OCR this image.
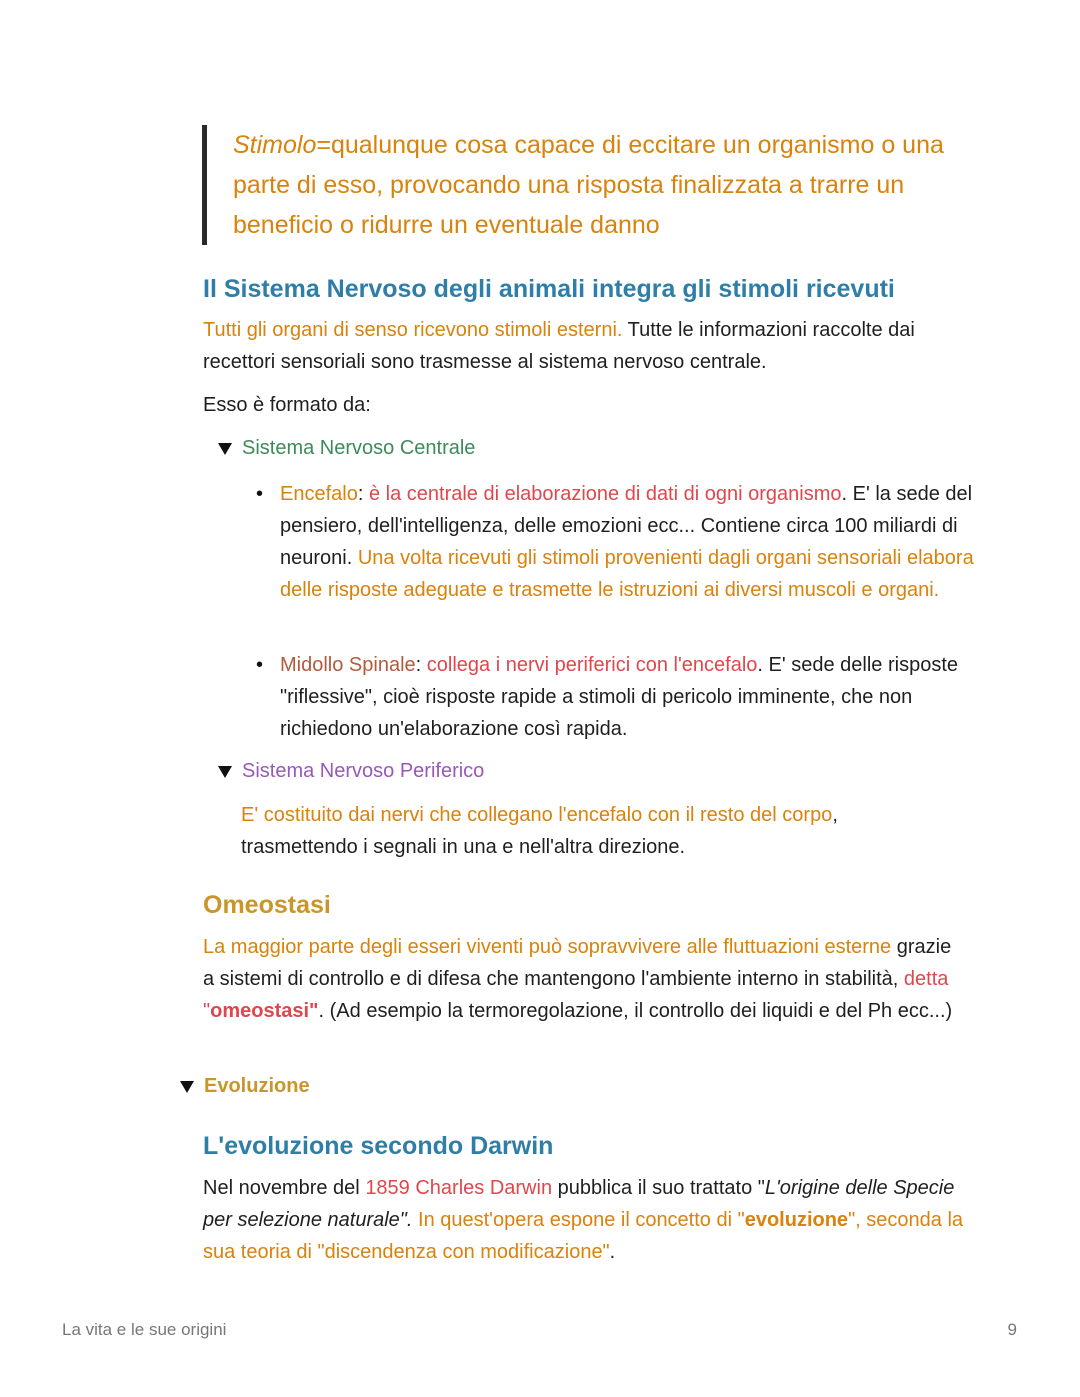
Stimolo=qualunque cosa capace di eccitare un organismo o una parte di esso, provocando una risposta finalizzata a trarre un beneficio o ridurre un eventuale danno
Il Sistema Nervoso degli animali integra gli stimoli ricevuti
Tutti gli organi di senso ricevono stimoli esterni. Tutte le informazioni raccolte dai recettori sensoriali sono trasmesse al sistema nervoso centrale.
Esso è formato da:
Sistema Nervoso Centrale
• Encefalo: è la centrale di elaborazione di dati di ogni organismo. E' la sede del pensiero, dell'intelligenza, delle emozioni ecc... Contiene circa 100 miliardi di neuroni. Una volta ricevuti gli stimoli provenienti dagli organi sensoriali elabora delle risposte adeguate e trasmette le istruzioni ai diversi muscoli e organi.
• Midollo Spinale: collega i nervi periferici con l'encefalo. E' sede delle risposte "riflessive", cioè risposte rapide a stimoli di pericolo imminente, che non richiedono un'elaborazione così rapida.
Sistema Nervoso Periferico
E' costituito dai nervi che collegano l'encefalo con il resto del corpo, trasmettendo i segnali in una e nell'altra direzione.
Omeostasi
La maggior parte degli esseri viventi può sopravvivere alle fluttuazioni esterne grazie a sistemi di controllo e di difesa che mantengono l'ambiente interno in stabilità, detta "omeostasi". (Ad esempio la termoregolazione, il controllo dei liquidi e del Ph ecc...)
Evoluzione
L'evoluzione secondo Darwin
Nel novembre del 1859 Charles Darwin pubblica il suo trattato "L'origine delle Specie per selezione naturale". In quest'opera espone il concetto di "evoluzione", seconda la sua teoria di "discendenza con modificazione".
La vita e le sue origini	9
